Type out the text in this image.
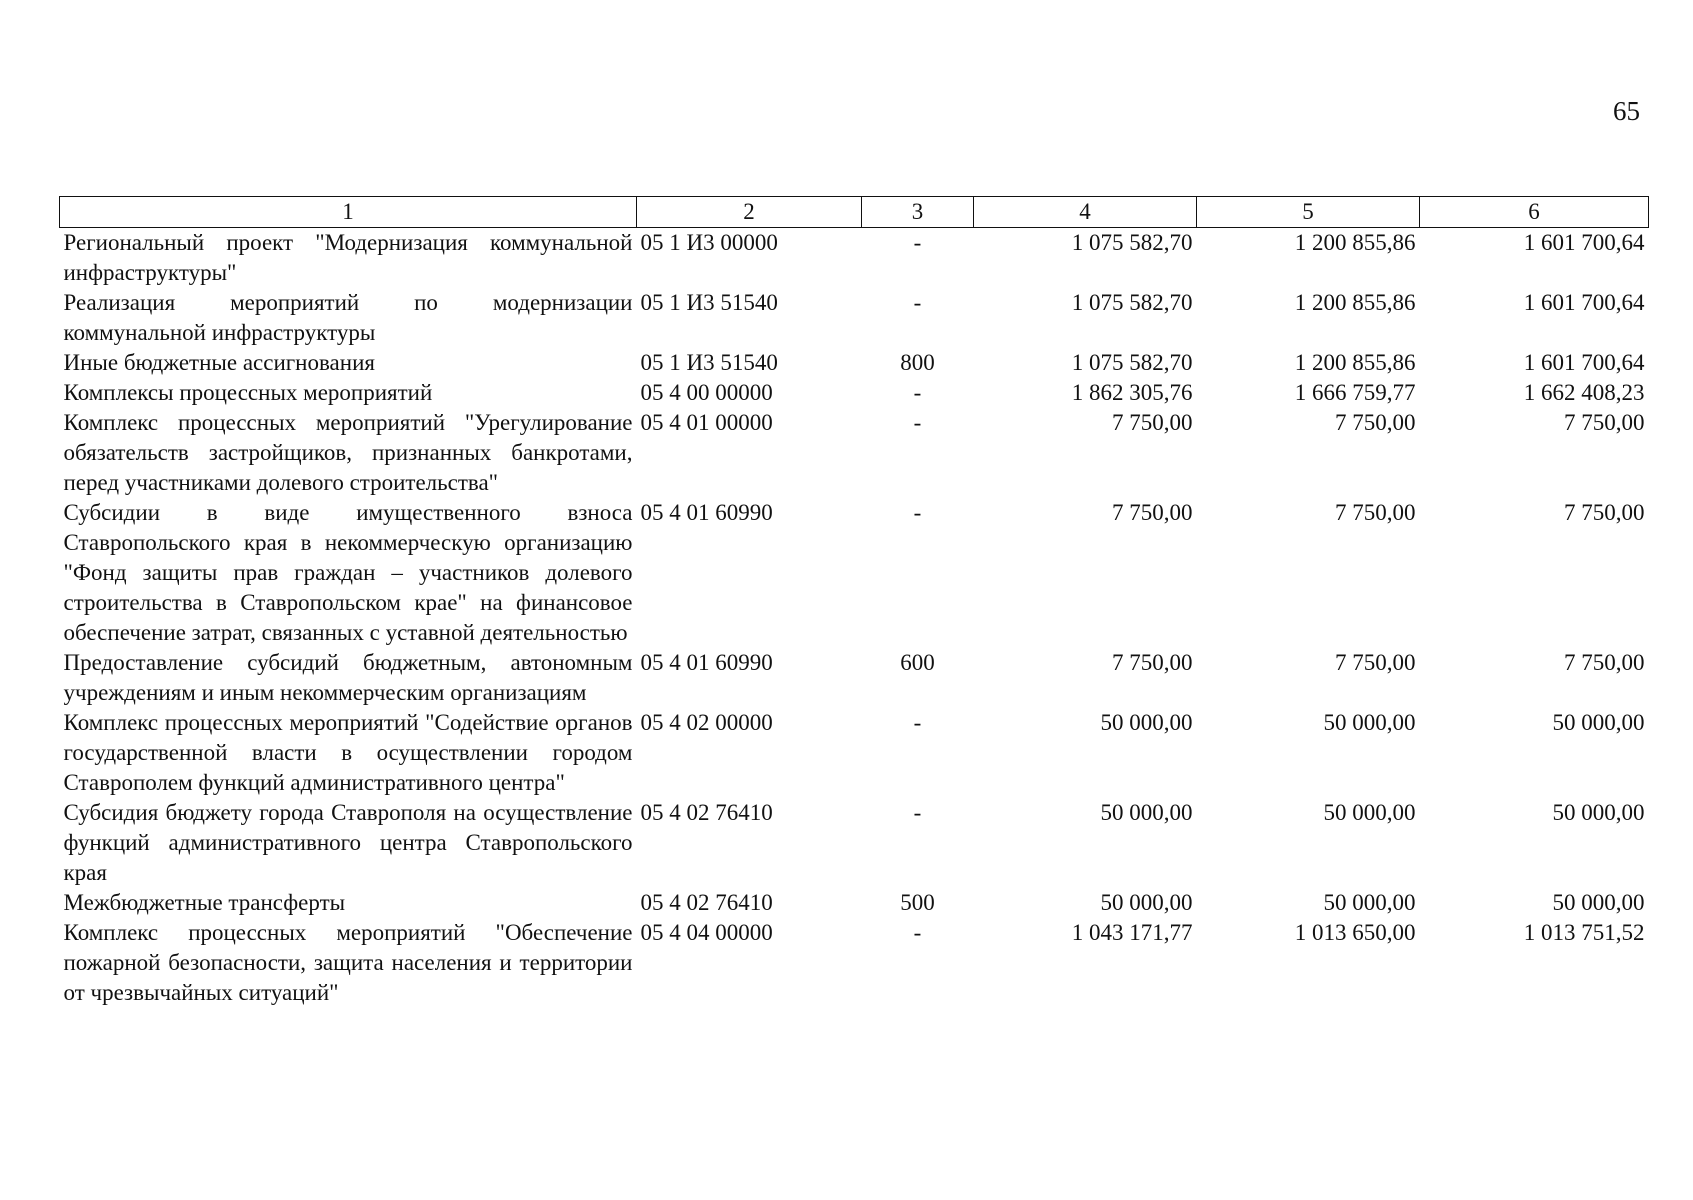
65
1	2	3	4	5	6
Региональный проект "Модернизация коммунальной инфраструктуры"	05 1 И3 00000	-	1 075 582,70	1 200 855,86	1 601 700,64
Реализация мероприятий по модернизации коммунальной инфраструктуры	05 1 И3 51540	-	1 075 582,70	1 200 855,86	1 601 700,64
Иные бюджетные ассигнования	05 1 И3 51540	800	1 075 582,70	1 200 855,86	1 601 700,64
Комплексы процессных мероприятий	05 4 00 00000	-	1 862 305,76	1 666 759,77	1 662 408,23
Комплекс процессных мероприятий "Урегулирование обязательств застройщиков, признанных банкротами, перед участниками долевого строительства"	05 4 01 00000	-	7 750,00	7 750,00	7 750,00
Субсидии в виде имущественного взноса Ставропольского края в некоммерческую организацию "Фонд защиты прав граждан – участников долевого строительства в Ставропольском крае" на финансовое обеспечение затрат, связанных с уставной деятельностью	05 4 01 60990	-	7 750,00	7 750,00	7 750,00
Предоставление субсидий бюджетным, автономным учреждениям и иным некоммерческим организациям	05 4 01 60990	600	7 750,00	7 750,00	7 750,00
Комплекс процессных мероприятий "Содействие органов государственной власти в осуществлении городом Ставрополем функций административного центра"	05 4 02 00000	-	50 000,00	50 000,00	50 000,00
Субсидия бюджету города Ставрополя на осуществление функций административного центра Ставропольского края	05 4 02 76410	-	50 000,00	50 000,00	50 000,00
Межбюджетные трансферты	05 4 02 76410	500	50 000,00	50 000,00	50 000,00
Комплекс процессных мероприятий "Обеспечение пожарной безопасности, защита населения и территории от чрезвычайных ситуаций"	05 4 04 00000	-	1 043 171,77	1 013 650,00	1 013 751,52
